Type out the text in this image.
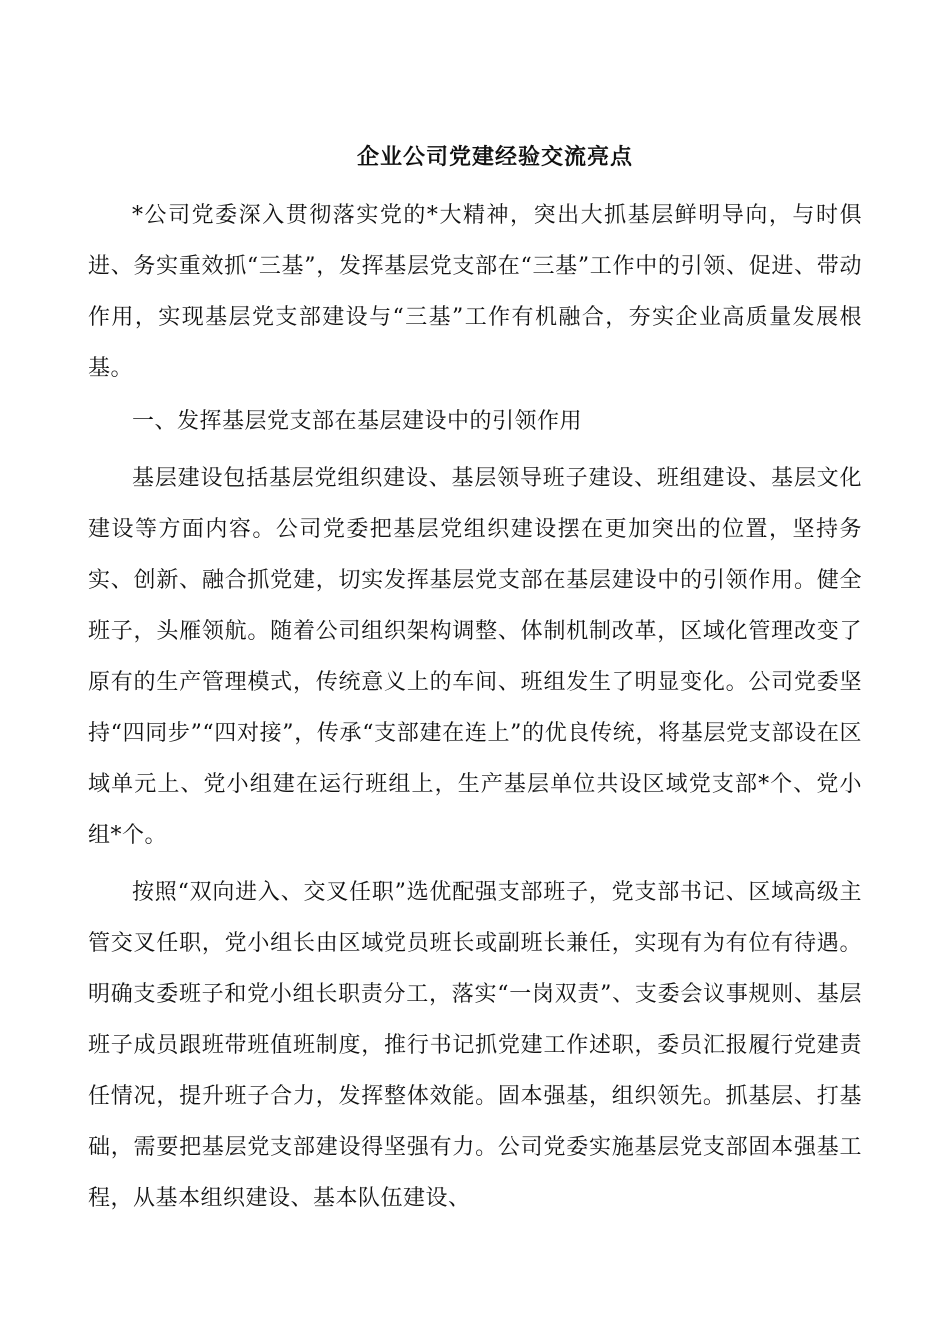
企业公司党建经验交流亮点

*公司党委深入贯彻落实党的*大精神，突出大抓基层鲜明导向，与时俱进、务实重效抓“三基”，发挥基层党支部在“三基”工作中的引领、促进、带动作用，实现基层党支部建设与“三基”工作有机融合，夯实企业高质量发展根基。

一、发挥基层党支部在基层建设中的引领作用

基层建设包括基层党组织建设、基层领导班子建设、班组建设、基层文化建设等方面内容。公司党委把基层党组织建设摆在更加突出的位置，坚持务实、创新、融合抓党建，切实发挥基层党支部在基层建设中的引领作用。健全班子，头雁领航。随着公司组织架构调整、体制机制改革，区域化管理改变了原有的生产管理模式，传统意义上的车间、班组发生了明显变化。公司党委坚持“四同步”“四对接”，传承“支部建在连上”的优良传统，将基层党支部设在区域单元上、党小组建在运行班组上，生产基层单位共设区域党支部*个、党小组*个。

按照“双向进入、交叉任职”选优配强支部班子，党支部书记、区域高级主管交叉任职，党小组长由区域党员班长或副班长兼任，实现有为有位有待遇。明确支委班子和党小组长职责分工，落实“一岗双责”、支委会议事规则、基层班子成员跟班带班值班制度，推行书记抓党建工作述职，委员汇报履行党建责任情况，提升班子合力，发挥整体效能。固本强基，组织领先。抓基层、打基础，需要把基层党支部建设得坚强有力。公司党委实施基层党支部固本强基工程，从基本组织建设、基本队伍建设、
